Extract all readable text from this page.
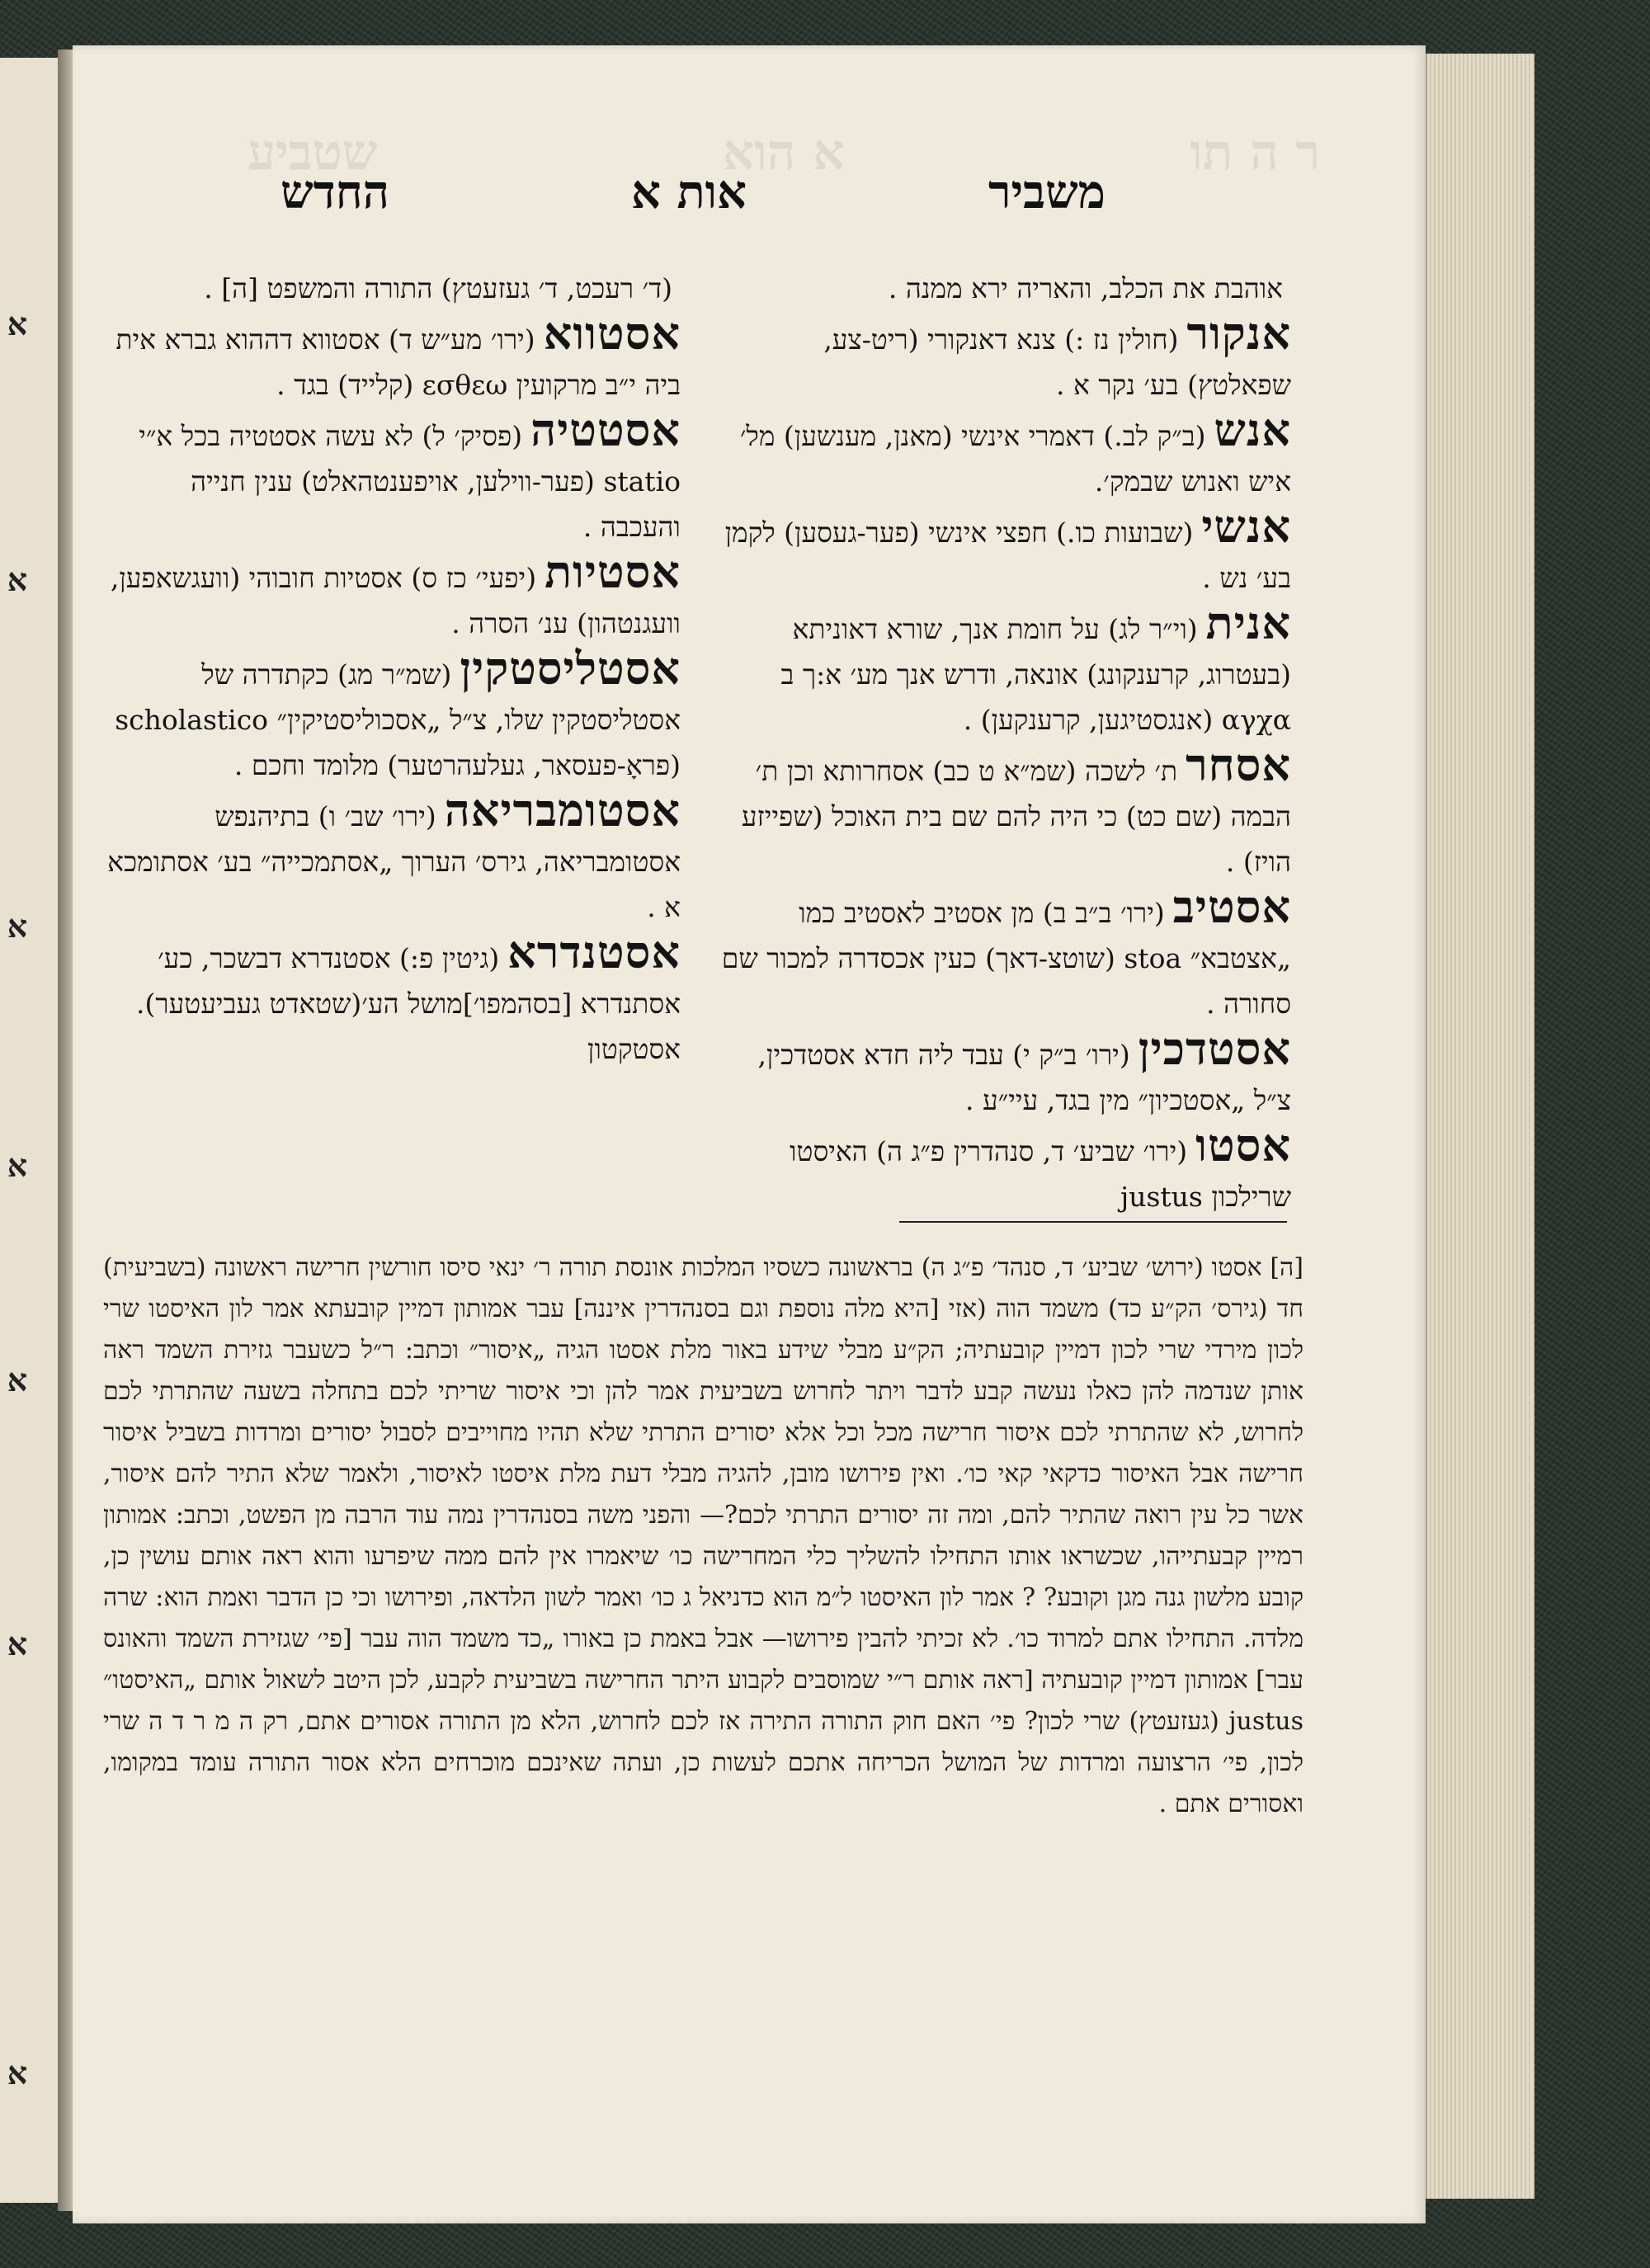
א
א
א
א
א
א
א
ר ה תו
א הוא
שטביע
משביר
אות א
החדש

אוהבת את הכלב, והאריה ירא ממנה .

אנקור(חולין נז :) צנא דאנקורי (ריט-צע, שפאלטץ) בע׳ נקר א .

אנש(ב״ק לב.) דאמרי אינשי (מאנן, מענשען) מל׳ איש ואנוש שבמק׳.

אנשי(שבועות כו.) חפצי אינשי (פער-געסען) לקמן בע׳ נש .

אנית(וי״ר לג) על חומת אנך, שורא דאוניתא (בעטרוג, קרענקונג) אונאה, ודרש אנך מע׳ א:ך ב αγχα (אנגסטיגען, קרענקען) .

אסחרת׳ לשכה (שמ״א ט כב) אסחרותא וכן ת׳ הבמה (שם כט) כי היה להם שם בית האוכל (שפייזע הויז) .

אסטיב(ירו׳ ב״ב ב) מן אסטיב לאסטיב כמו „אצטבא״ stoa (שוטצ-דאך) כעין אכסדרה למכור שם סחורה .

אסטדכין(ירו׳ ב״ק י) עבד ליה חדא אסטדכין, צ״ל „אסטכיון״ מין בגד, עיי״ע .

אסטו(ירו׳ שביע׳ ד, סנהדרין פ״ג ה) האיסטו שרילכון justus

(ד׳ רעכט, ד׳ געזעטץ) התורה והמשפט [ה] .

אסטווא(ירו׳ מע״ש ד) אסטווא דההוא גברא אית ביה י״ב מרקועין εσθεω (קלייד) בגד .

אסטטיה(פסיק׳ ל) לא עשה אסטטיה בכל א״י statio (פער-ווילען, אויפענטהאלט) ענין חנייה והעכבה .

אסטיות(יפעי׳ כז ס) אסטיות חובוהי (וועגשאפען, וועגנטהון) ענ׳ הסרה .

אסטליסטקין(שמ״ר מג) כקתדרה של אסטליסטקין שלו, צ״ל „אסכוליסטיקין״ scholastico (פראָ-פעסאר, געלעהרטער) מלומד וחכם .

אסטומבריאה(ירו׳ שב׳ ו) בתיהנפש אסטומבריאה, גירס׳ הערוך „אסתמכייה״ בע׳ אסתומכא א .

אסטנדרא(גיטין פ:) אסטנדרא דבשכר, כע׳ אסתנדרא [בסהמפו׳]מושל הע׳(שטאדט געביעטער). אסטקטון

[ה] אסטו (ירוש׳ שביע׳ ד, סנהד׳ פ״ג ה) בראשונה כשסיו המלכות אונסת תורה ר׳ ינאי סיסו חורשין חרישה ראשונה (בשביעית) חד (גירס׳ הק״ע כד) משמד הוה (אזי [היא מלה נוספת וגם בסנהדרין איננה] עבר אמותון דמיין קובעתא אמר לון האיסטו שרי לכון מירדי שרי לכון דמיין קובעתיה; הק״ע מבלי שידע באור מלת אסטו הגיה „איסור״ וכתב: ר״ל כשעבר גזירת השמד ראה אותן שנדמה להן כאלו נעשה קבע לדבר ויתר לחרוש בשביעית אמר להן וכי איסור שריתי לכם בתחלה בשעה שהתרתי לכם לחרוש, לא שהתרתי לכם איסור חרישה מכל וכל אלא יסורים התרתי שלא תהיו מחוייבים לסבול יסורים ומרדות בשביל איסור חרישה אבל האיסור כדקאי קאי כו׳. ואין פירושו מובן, להגיה מבלי דעת מלת איסטו לאיסור, ולאמר שלא התיר להם איסור, אשר כל עין רואה שהתיר להם, ומה זה יסורים התרתי לכם?— והפני משה בסנהדרין נמה עוד הרבה מן הפשט, וכתב: אמותון רמיין קבעתייהו, שכשראו אותו התחילו להשליך כלי המחרישה כו׳ שיאמרו אין להם ממה שיפרעו והוא ראה אותם עושין כן, קובע מלשון גנה מגן וקובע? ? אמר לון האיסטו ל״מ הוא כדניאל ג כו׳ ואמר לשון הלדאה, ופירושו וכי כן הדבר ואמת הוא: שרה מלדה. התחילו אתם למרוד כו׳. לא זכיתי להבין פירושו— אבל באמת כן באורו „כד משמד הוה עבר [פי׳ שגזירת השמד והאונס עבר] אמותון דמיין קובעתיה [ראה אותם ר״י שמוסבים לקבוע היתר החרישה בשביעית לקבע, לכן היטב לשאול אותם „האיסטו״ justus (געזעטץ) שרי לכון? פי׳ האם חוק התורה התירה אז לכם לחרוש, הלא מן התורה אסורים אתם, רק ה מ ר ד ה שרי לכון, פי׳ הרצועה ומרדות של המושל הכריחה אתכם לעשות כן, ועתה שאינכם מוכרחים הלא אסור התורה עומד במקומו, ואסורים אתם .
